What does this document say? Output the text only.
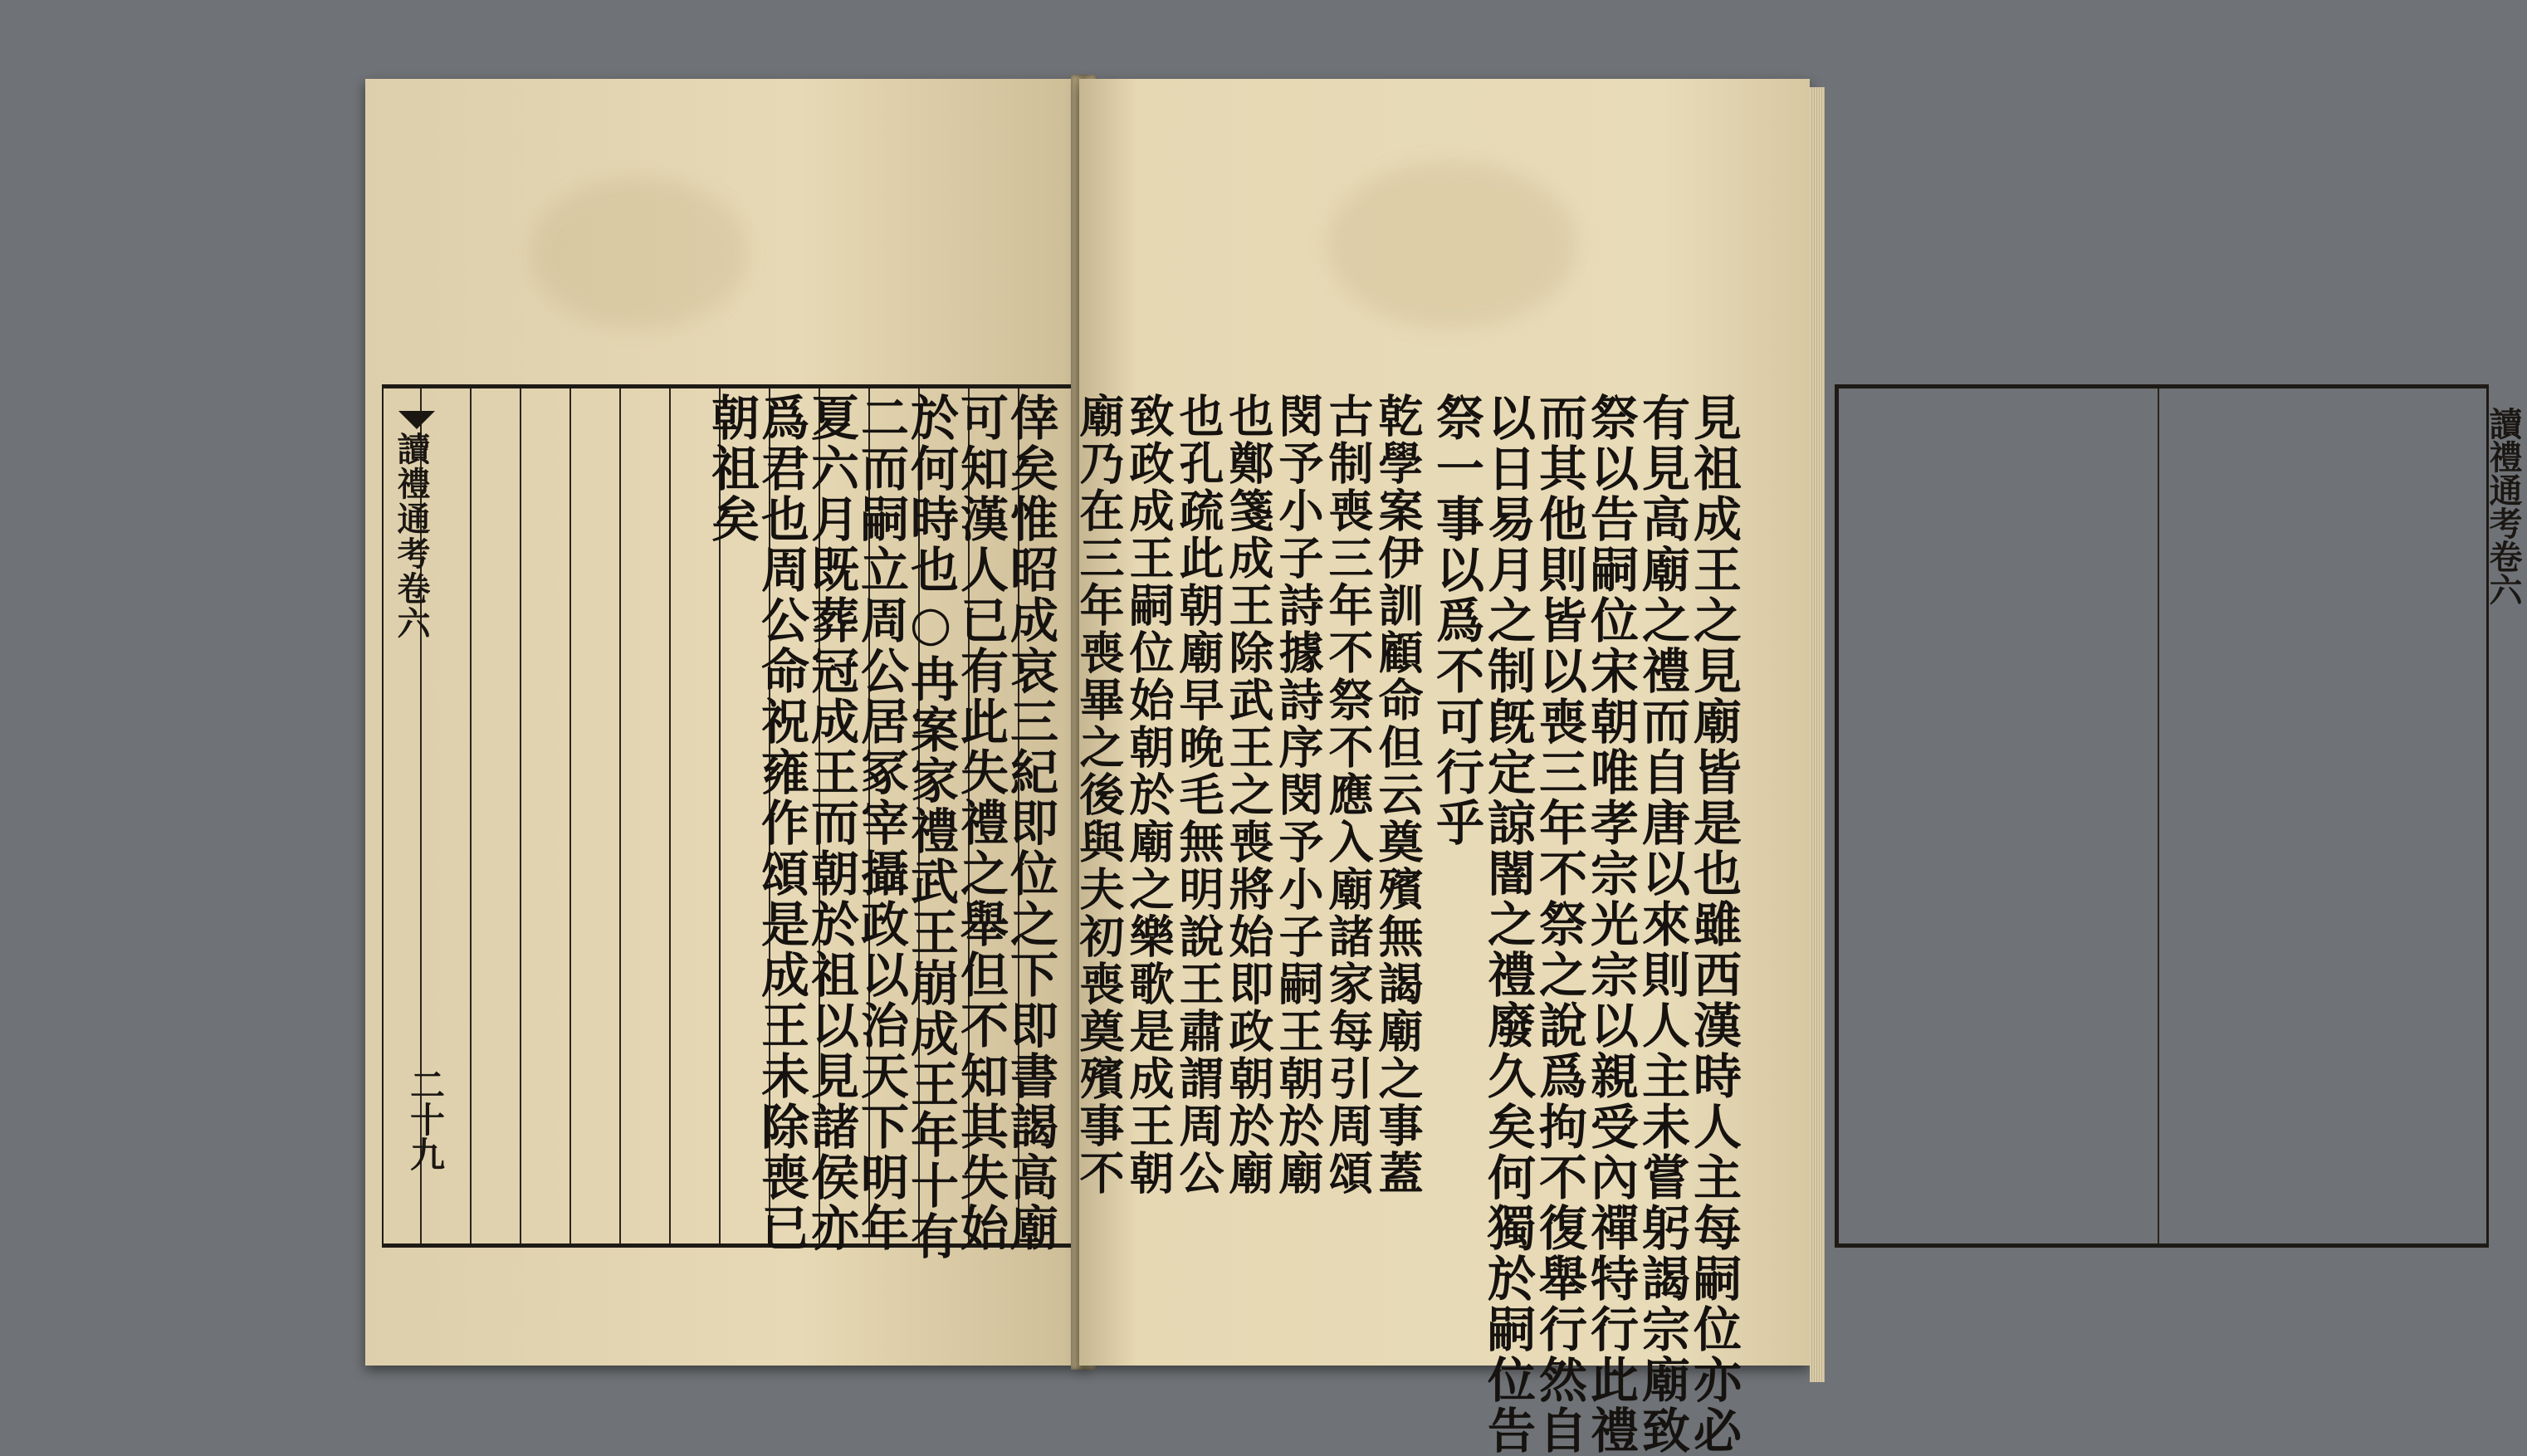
讀禮通考卷六
二十九	倖矣惟昭成哀三紀即位之下即書謁高廟
可知漢人已有此失禮之舉但不知其失始
於何時也○冉案家禮武王崩成王年十有
二而嗣立周公居冢宰攝政以治天下明年
夏六月既葬冠成王而朝於祖以見諸侯亦
爲君也周公命祝雍作頌是成王未除喪已
朝祖矣	讀禮通考卷六
見祖成王之見廟皆是也雖西漢時人主每嗣位亦必
有見高廟之禮而自唐以來則人主未嘗躬謁宗廟致
祭以告嗣位宋朝唯孝宗光宗以親受內禪特行此禮
而其他則皆以喪三年不祭之說爲拘不復舉行然自
以日易月之制旣定諒闇之禮廢久矣何獨於嗣位告
祭一事以爲不可行乎
乾學案伊訓顧命但云奠殯無謁廟之事蓋
古制喪三年不祭不應入廟諸家每引周頌
閔予小子詩據詩序閔予小子嗣王朝於廟
也鄭箋成王除武王之喪將始即政朝於廟
也孔疏此朝廟早晚毛無明說王肅謂周公
致政成王嗣位始朝於廟之樂歌是成王朝
廟乃在三年喪畢之後與夫初喪奠殯事不
